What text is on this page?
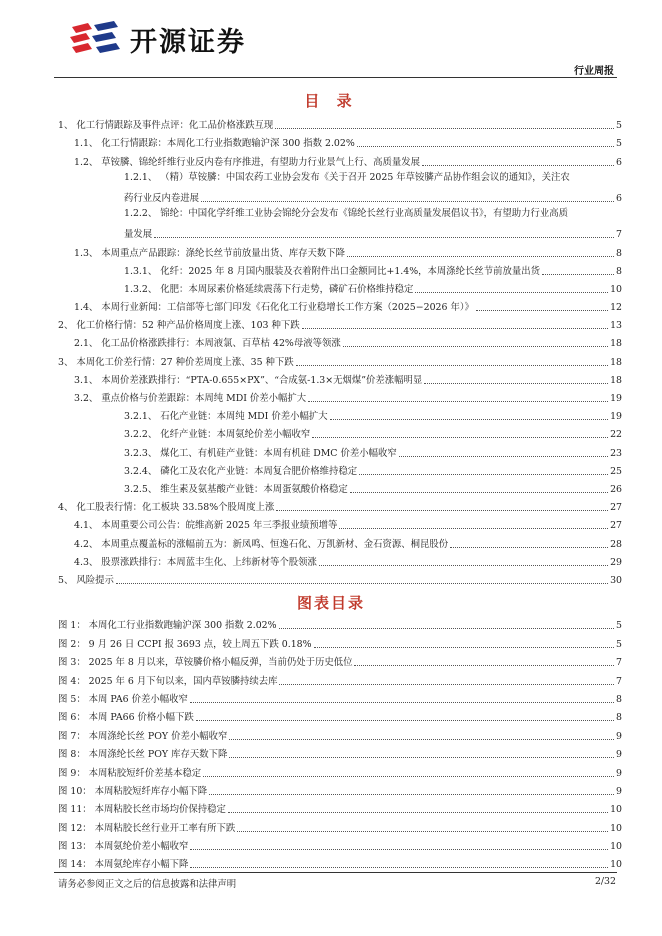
开源证券
行业周报
目 录
1、 化工行情跟踪及事件点评：化工品价格涨跌互现	5
1.1、 化工行情跟踪：本周化工行业指数跑输沪深 300 指数 2.02%	5
1.2、 草铵膦、锦纶纤维行业反内卷有序推进，有望助力行业景气上行、高质量发展	6
1.2.1、 （精）草铵膦：中国农药工业协会发布《关于召开 2025 年草铵膦产品协作组会议的通知》，关注农
药行业反内卷进展	6
1.2.2、 锦纶：中国化学纤维工业协会锦纶分会发布《锦纶长丝行业高质量发展倡议书》，有望助力行业高质
量发展	7
1.3、 本周重点产品跟踪：涤纶长丝节前放量出货、库存天数下降	8
1.3.1、 化纤：2025 年 8 月国内服装及衣着附件出口金额同比+1.4%，本周涤纶长丝节前放量出货	8
1.3.2、 化肥：本周尿素价格延续震荡下行走势，磷矿石价格维持稳定	10
1.4、 本周行业新闻：工信部等七部门印发《石化化工行业稳增长工作方案（2025−2026 年）》	12
2、 化工价格行情：52 种产品价格周度上涨、103 种下跌	13
2.1、 化工品价格涨跌排行：本周液氯、百草枯 42%母液等领涨	18
3、 本周化工价差行情：27 种价差周度上涨、35 种下跌	18
3.1、 本周价差涨跌排行：“PTA-0.655×PX”、“合成氨-1.3×无烟煤”价差涨幅明显	18
3.2、 重点价格与价差跟踪：本周纯 MDI 价差小幅扩大	19
3.2.1、 石化产业链：本周纯 MDI 价差小幅扩大	19
3.2.2、 化纤产业链：本周氨纶价差小幅收窄	22
3.2.3、 煤化工、有机硅产业链：本周有机硅 DMC 价差小幅收窄	23
3.2.4、 磷化工及农化产业链：本周复合肥价格维持稳定	25
3.2.5、 维生素及氨基酸产业链：本周蛋氨酸价格稳定	26
4、 化工股表行情：化工板块 33.58%个股周度上涨	27
4.1、 本周重要公司公告：皖维高新 2025 年三季报业绩预增等	27
4.2、 本周重点覆盖标的涨幅前五为：新凤鸣、恒逸石化、万凯新材、金石资源、桐昆股份	28
4.3、 股票涨跌排行：本周蓝丰生化、上纬新材等个股领涨	29
5、 风险提示	30
图表目录
图 1： 本周化工行业指数跑输沪深 300 指数 2.02%	5
图 2： 9 月 26 日 CCPI 报 3693 点，较上周五下跌 0.18%	5
图 3： 2025 年 8 月以来，草铵膦价格小幅反弹，当前仍处于历史低位	7
图 4： 2025 年 6 月下旬以来，国内草铵膦持续去库	7
图 5： 本周 PA6 价差小幅收窄	8
图 6： 本周 PA66 价格小幅下跌	8
图 7： 本周涤纶长丝 POY 价差小幅收窄	9
图 8： 本周涤纶长丝 POY 库存天数下降	9
图 9： 本周粘胶短纤价差基本稳定	9
图 10： 本周粘胶短纤库存小幅下降	9
图 11： 本周粘胶长丝市场均价保持稳定	10
图 12： 本周粘胶长丝行业开工率有所下跌	10
图 13： 本周氨纶价差小幅收窄	10
图 14： 本周氨纶库存小幅下降	10
请务必参阅正文之后的信息披露和法律声明	2/32
